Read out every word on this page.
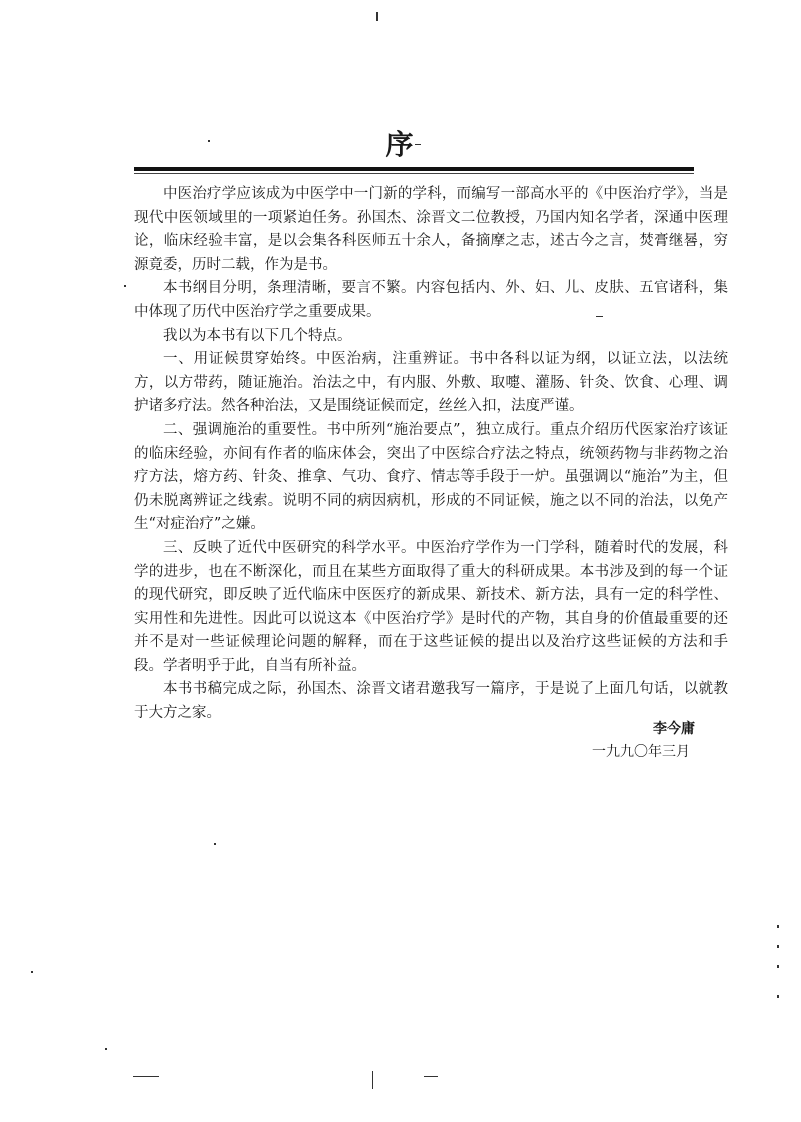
序

中医治疗学应该成为中医学中一门新的学科，而编写一部高水平的《中医治疗学》，当是现代中医领域里的一项紧迫任务。孙国杰、涂晋文二位教授，乃国内知名学者，深通中医理论，临床经验丰富，是以会集各科医师五十余人，备摘摩之志，述古今之言，焚膏继晷，穷源竟委，历时二载，作为是书。

本书纲目分明，条理清晰，要言不繁。内容包括内、外、妇、儿、皮肤、五官诸科，集中体现了历代中医治疗学之重要成果。

我以为本书有以下几个特点。

一、用证候贯穿始终。中医治病，注重辨证。书中各科以证为纲，以证立法，以法统方，以方带药，随证施治。治法之中，有内服、外敷、取嚏、灌肠、针灸、饮食、心理、调护诸多疗法。然各种治法，又是围绕证候而定，丝丝入扣，法度严谨。

二、强调施治的重要性。书中所列“施治要点”，独立成行。重点介绍历代医家治疗该证的临床经验，亦间有作者的临床体会，突出了中医综合疗法之特点，统领药物与非药物之治疗方法，熔方药、针灸、推拿、气功、食疗、情志等手段于一炉。虽强调以“施治”为主，但仍未脱离辨证之线索。说明不同的病因病机，形成的不同证候，施之以不同的治法，以免产生“对症治疗”之嫌。

三、反映了近代中医研究的科学水平。中医治疗学作为一门学科，随着时代的发展，科学的进步，也在不断深化，而且在某些方面取得了重大的科研成果。本书涉及到的每一个证的现代研究，即反映了近代临床中医医疗的新成果、新技术、新方法，具有一定的科学性、实用性和先进性。因此可以说这本《中医治疗学》是时代的产物，其自身的价值最重要的还并不是对一些证候理论问题的解释，而在于这些证候的提出以及治疗这些证候的方法和手段。学者明乎于此，自当有所补益。

本书书稿完成之际，孙国杰、涂晋文诸君邀我写一篇序，于是说了上面几句话，以就教于大方之家。

李今庸
一九九〇年三月
